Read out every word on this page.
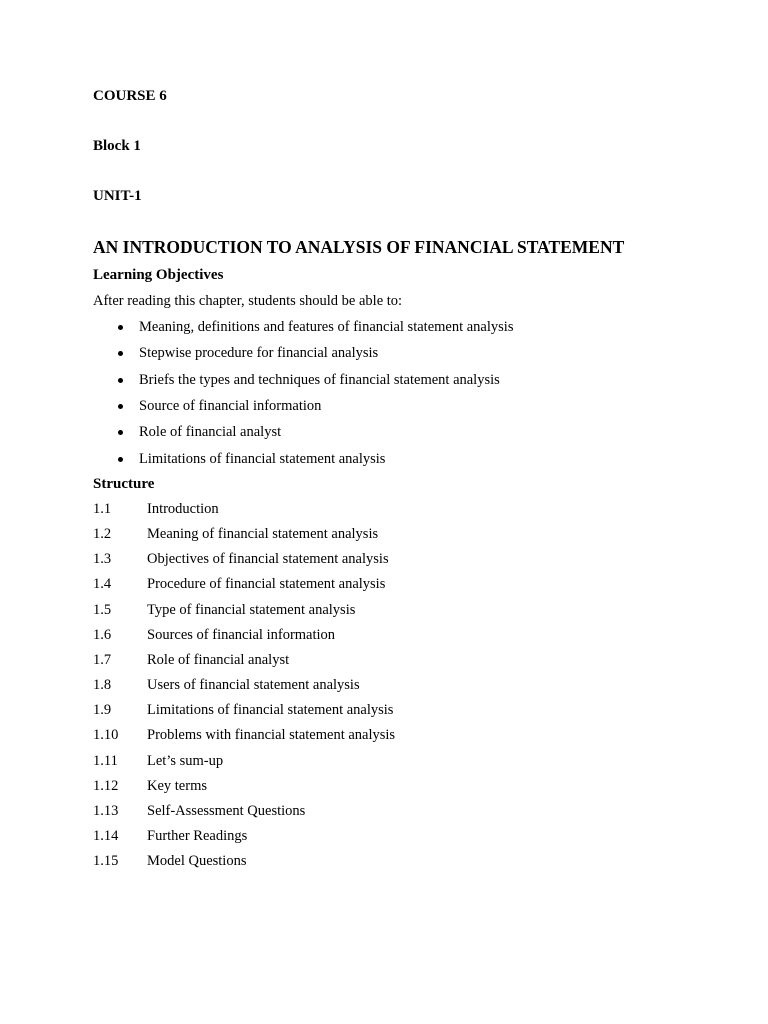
COURSE 6
Block 1
UNIT-1
AN INTRODUCTION TO ANALYSIS OF FINANCIAL STATEMENT
Learning Objectives
After reading this chapter, students should be able to:
Meaning, definitions and features of financial statement analysis
Stepwise procedure for financial analysis
Briefs the types and techniques of financial statement analysis
Source of financial information
Role of financial analyst
Limitations of financial statement analysis
Structure
1.1 Introduction
1.2 Meaning of financial statement analysis
1.3 Objectives of financial statement analysis
1.4 Procedure of financial statement analysis
1.5 Type of financial statement analysis
1.6 Sources of financial information
1.7 Role of financial analyst
1.8 Users of financial statement analysis
1.9 Limitations of financial statement analysis
1.10 Problems with financial statement analysis
1.11 Let’s sum-up
1.12 Key terms
1.13 Self-Assessment Questions
1.14 Further Readings
1.15 Model Questions
